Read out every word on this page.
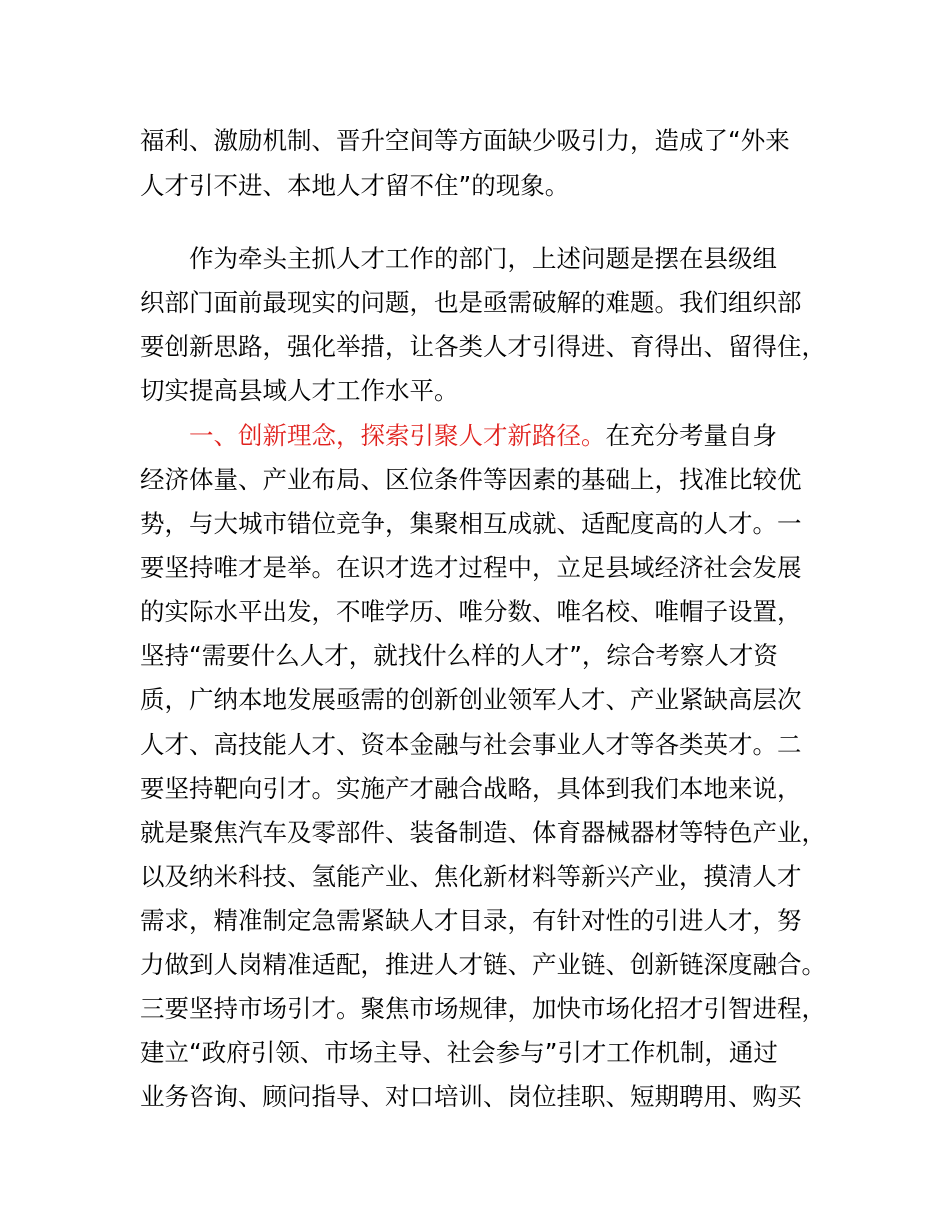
福利、激励机制、晋升空间等方面缺少吸引力，造成了“外来
人才引不进、本地人才留不住”的现象。
作为牵头主抓人才工作的部门，上述问题是摆在县级组
织部门面前最现实的问题，也是亟需破解的难题。我们组织部
要创新思路，强化举措，让各类人才引得进、育得出、留得住，
切实提高县域人才工作水平。
一、创新理念，探索引聚人才新路径。在充分考量自身
经济体量、产业布局、区位条件等因素的基础上，找准比较优
势，与大城市错位竞争，集聚相互成就、适配度高的人才。一
要坚持唯才是举。在识才选才过程中，立足县域经济社会发展
的实际水平出发，不唯学历、唯分数、唯名校、唯帽子设置，
坚持“需要什么人才，就找什么样的人才”，综合考察人才资
质，广纳本地发展亟需的创新创业领军人才、产业紧缺高层次
人才、高技能人才、资本金融与社会事业人才等各类英才。二
要坚持靶向引才。实施产才融合战略，具体到我们本地来说，
就是聚焦汽车及零部件、装备制造、体育器械器材等特色产业，
以及纳米科技、氢能产业、焦化新材料等新兴产业，摸清人才
需求，精准制定急需紧缺人才目录，有针对性的引进人才，努
力做到人岗精准适配，推进人才链、产业链、创新链深度融合。
三要坚持市场引才。聚焦市场规律，加快市场化招才引智进程，
建立“政府引领、市场主导、社会参与”引才工作机制，通过
业务咨询、顾问指导、对口培训、岗位挂职、短期聘用、购买
